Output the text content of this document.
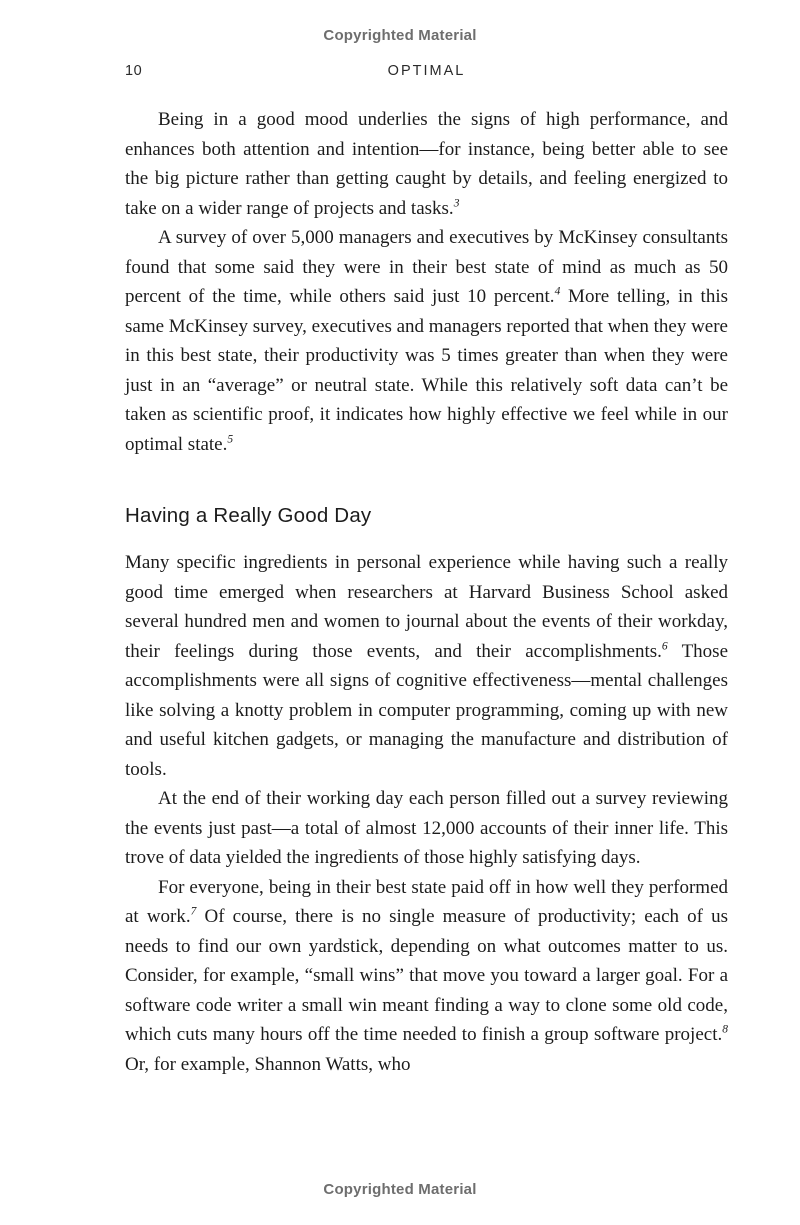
Copyrighted Material
10	OPTIMAL

Being in a good mood underlies the signs of high performance, and enhances both attention and intention—for instance, being better able to see the big picture rather than getting caught by details, and feeling energized to take on a wider range of projects and tasks.$^3$

A survey of over 5,000 managers and executives by McKinsey consultants found that some said they were in their best state of mind as much as 50 percent of the time, while others said just 10 percent.$^4$ More telling, in this same McKinsey survey, executives and managers reported that when they were in this best state, their productivity was 5 times greater than when they were just in an “average” or neutral state. While this relatively soft data can’t be taken as scientific proof, it indicates how highly effective we feel while in our optimal state.$^5$

Having a Really Good Day

Many specific ingredients in personal experience while having such a really good time emerged when researchers at Harvard Business School asked several hundred men and women to journal about the events of their workday, their feelings during those events, and their accomplishments.$^6$ Those accomplishments were all signs of cognitive effectiveness—mental challenges like solving a knotty problem in computer programming, coming up with new and useful kitchen gadgets, or managing the manufacture and distribution of tools.

At the end of their working day each person filled out a survey reviewing the events just past—a total of almost 12,000 accounts of their inner life. This trove of data yielded the ingredients of those highly satisfying days.

For everyone, being in their best state paid off in how well they performed at work.$^7$ Of course, there is no single measure of productivity; each of us needs to find our own yardstick, depending on what outcomes matter to us. Consider, for example, “small wins” that move you toward a larger goal. For a software code writer a small win meant finding a way to clone some old code, which cuts many hours off the time needed to finish a group software project.$^8$ Or, for example, Shannon Watts, who

Copyrighted Material
